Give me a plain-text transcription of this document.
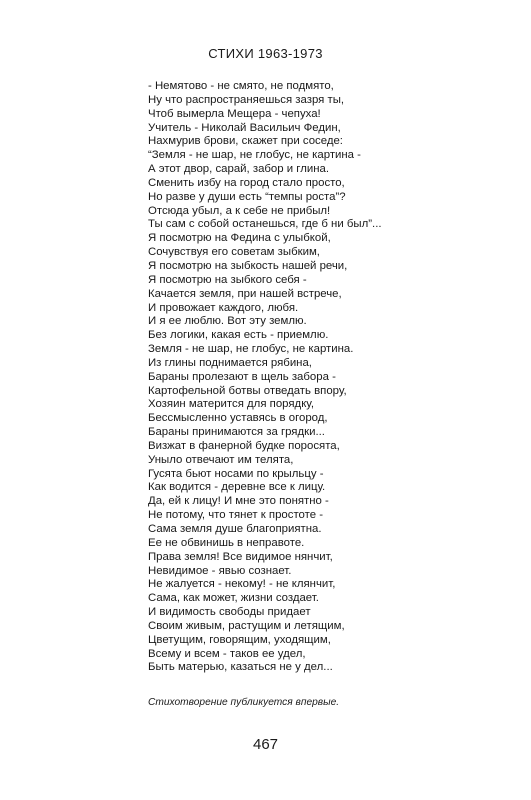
СТИХИ 1963-1973
- Немятово - не смято, не подмято,
Ну что распространяешься зазря ты,
Чтоб вымерла Мещера - чепуха!
Учитель - Николай Васильич Федин,
Нахмурив брови, скажет при соседе:
“Земля - не шар, не глобус, не картина -
А этот двор, сарай, забор и глина.
Сменить избу на город стало просто,
Но разве у души есть “темпы роста”?
Отсюда убыл, а к себе не прибыл!
Ты сам с собой останешься, где б ни был”...
Я посмотрю на Федина с улыбкой,
Сочувствуя его советам зыбким,
Я посмотрю на зыбкость нашей речи,
Я посмотрю на зыбкого себя -
Качается земля, при нашей встрече,
И провожает каждого, любя.
И я ее люблю. Вот эту землю.
Без логики, какая есть - приемлю.
Земля - не шар, не глобус, не картина.
Из глины поднимается рябина,
Бараны пролезают в щель забора -
Картофельной ботвы отведать впору,
Хозяин матерится для порядку,
Бессмысленно уставясь в огород,
Бараны принимаются за грядки...
Визжат в фанерной будке поросята,
Уныло отвечают им телята,
Гусята бьют носами по крыльцу -
Как водится - деревне все к лицу.
Да, ей к лицу! И мне это понятно -
Не потому, что тянет к простоте -
Сама земля душе благоприятна.
Ее не обвинишь в неправоте.
Права земля! Все видимое нянчит,
Невидимое - явью сознает.
Не жалуется - некому! - не клянчит,
Сама, как может, жизни создает.
И видимость свободы придает
Своим живым, растущим и летящим,
Цветущим, говорящим, уходящим,
Всему и всем - таков ее удел,
Быть матерью, казаться не у дел...
Стихотворение публикуется впервые.
467
